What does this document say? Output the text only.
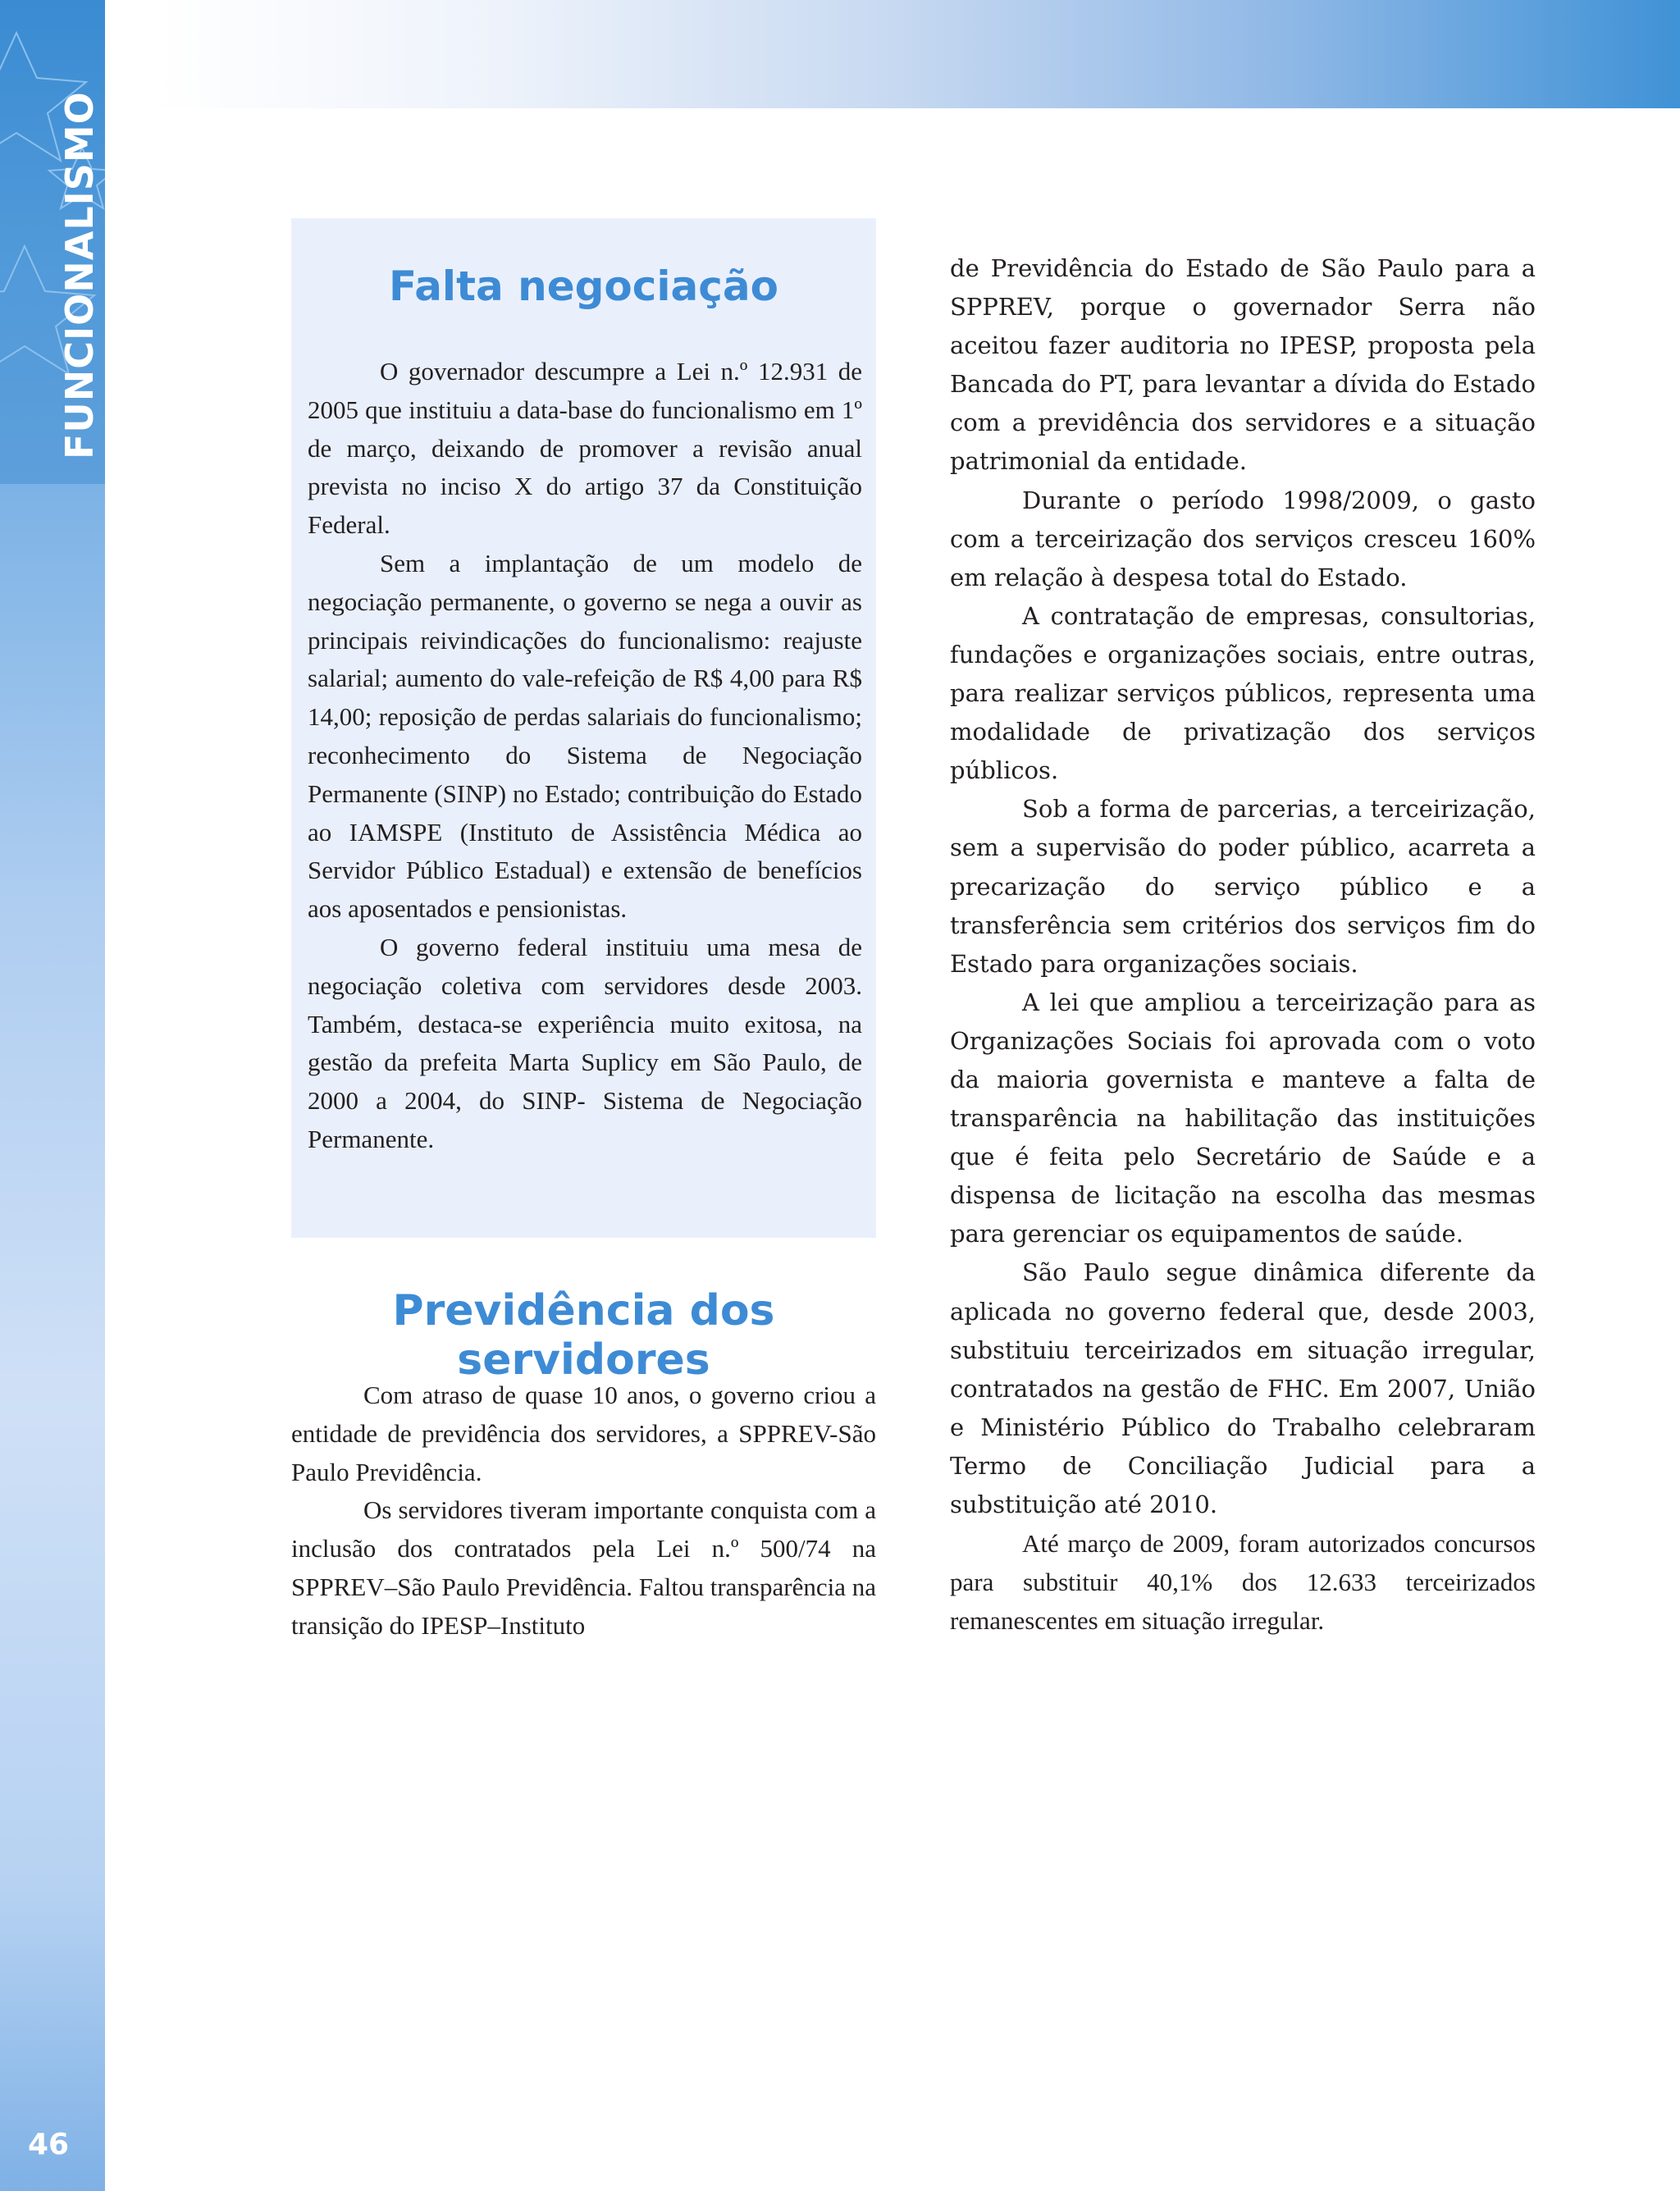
FUNCIONALISMO
46
Falta negociação

O governador descumpre a Lei n.º 12.931 de 2005 que instituiu a data-base do funcionalismo em 1º de março, deixando de promover a revisão anual prevista no inciso X do artigo 37 da Constituição Federal.

Sem a implantação de um modelo de negociação permanente, o governo se nega a ouvir as principais reivindicações do funcionalismo: reajuste salarial; aumento do vale-refeição de R$ 4,00 para R$ 14,00; reposição de perdas salariais do funcionalismo; reconhecimento do Sistema de Negociação Permanente (SINP) no Estado; contribuição do Estado ao IAMSPE (Instituto de Assistência Médica ao Servidor Público Estadual) e extensão de benefícios aos aposentados e pensionistas.

O governo federal instituiu uma mesa de negociação coletiva com servidores desde 2003. Também, destaca-se experiência muito exitosa, na gestão da prefeita Marta Suplicy em São Paulo, de 2000 a 2004, do SINP- Sistema de Negociação Permanente.

Previdência dos servidores

Com atraso de quase 10 anos, o governo criou a entidade de previdência dos servidores, a SPPREV-São Paulo Previdência.

Os servidores tiveram importante conquista com a inclusão dos contratados pela Lei n.º 500/74 na SPPREV–São Paulo Previdência. Faltou transparência na transição do IPESP–Instituto

de Previdência do Estado de São Paulo para a SPPREV, porque o governador Serra não aceitou fazer auditoria no IPESP, proposta pela Bancada do PT, para levantar a dívida do Estado com a previdência dos servidores e a situação patrimonial da entidade.

Durante o período 1998/2009, o gasto com a terceirização dos serviços cresceu 160% em relação à despesa total do Estado.

A contratação de empresas, consultorias, fundações e organizações sociais, entre outras, para realizar serviços públicos, representa uma modalidade de privatização dos serviços públicos.

Sob a forma de parcerias, a terceirização, sem a supervisão do poder público, acarreta a precarização do serviço público e a transferência sem critérios dos serviços fim do Estado para organizações sociais.

A lei que ampliou a terceirização para as Organizações Sociais foi aprovada com o voto da maioria governista e manteve a falta de transparência na habilitação das instituições que é feita pelo Secretário de Saúde e a dispensa de licitação na escolha das mesmas para gerenciar os equipamentos de saúde.

São Paulo segue dinâmica diferente da aplicada no governo federal que, desde 2003, substituiu terceirizados em situação irregular, contratados na gestão de FHC. Em 2007, União e Ministério Público do Trabalho celebraram Termo de Conciliação Judicial para a substituição até 2010.

Até março de 2009, foram autorizados concursos para substituir 40,1% dos 12.633 terceirizados remanescentes em situação irregular.
